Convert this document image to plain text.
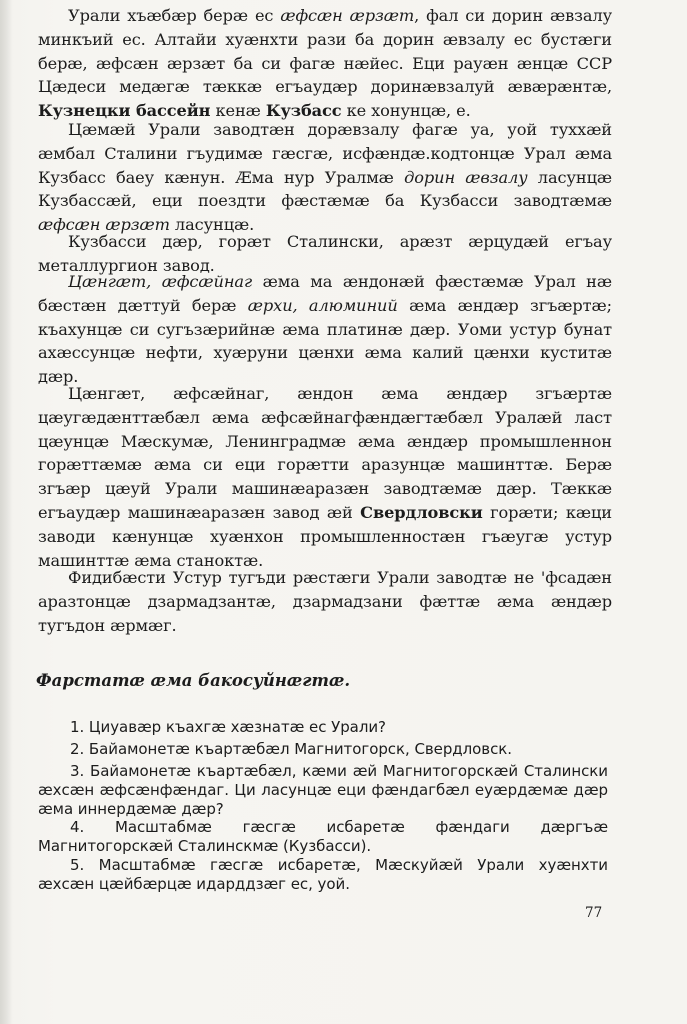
Урали хъæбæр берæ ес æфсæн æрзæт, фал си дорин æвзалу минкъий ес. Алтайи хуæнхти рази ба дорин æвзалу ес бустæги берæ, æфсæн æрзæт ба си фагæ нæйес. Еци рауæн æнцæ ССР Цæдеси медæгæ тæккæ егъаудæр доринæвзалуй æвæрæнтæ, Кузнецки бассейн кенæ Кузбасс ке хонунцæ, е.

Цæмæй Урали заводтæн дорæвзалу фагæ уа, уой туххæй æмбал Сталини гъудимæ гæсгæ, исфæндæ.кодтонцæ Урал æма Кузбасс баеу кæнун. Æма нур Уралмæ дорин æвзалу ласунцæ Кузбассæй, еци поездти фæстæмæ ба Кузбасси заводтæмæ æфсæн æрзæт ласунцæ.

Кузбасси дæр, горæт Сталински, арæзт æрцудæй егъау металлургион завод.

Цæнгæт, æфсæйнаг æма ма æндонæй фæстæмæ Урал нæ бæстæн дæттуй берæ æрхи, алюминий æма æндæр згъæртæ; къахунцæ си сугъзæрийнæ æма платинæ дæр. Уоми устур бунат ахæссунцæ нефти, хуæруни цæнхи æма калий цæнхи куститæ дæр.

Цæнгæт, æфсæйнаг, æндон æма æндæр згъæртæ цæугæдæнттæбæл æма æфсæйнагфæндæгтæбæл Уралæй ласт цæунцæ Мæскумæ, Ленинградмæ æма æндæр промышленнон горæттæмæ æма си еци горæтти аразунцæ машинттæ. Берæ згъæр цæуй Урали машинæаразæн заводтæмæ дæр. Тæккæ егъаудæр машинæаразæн завод æй Свердловски горæти; кæци заводи кæнунцæ хуæнхон промышленностæн гъæугæ устур машинттæ æма станоктæ.

Фидибæсти Устур тугъди рæстæги Урали заводтæ не 'фсадæн аразтонцæ дзармадзантæ, дзармадзани фæттæ æма æндæр тугъдон æрмæг.

Фарстатæ æма бакосуйнæгтæ.

1. Циуавæр къахгæ хæзнатæ ес Урали?

2. Байамонетæ къартæбæл Магнитогорск, Свердловск.

3. Байамонетæ къартæбæл, кæми æй Магнитогорскæй Сталински æхсæн æфсæнфæндаг. Ци ласунцæ еци фæндагбæл еуæрдæмæ дæр æма иннердæмæ дæр?

4. Масштабмæ гæсгæ исбаретæ фæндаги дæргъæ Магнитогорскæй Сталинскмæ (Кузбасси).

5. Масштабмæ гæсгæ исбаретæ, Мæскуйæй Урали хуæнхти æхсæн цæйбæрцæ идарддзæг ес, уой.

77
